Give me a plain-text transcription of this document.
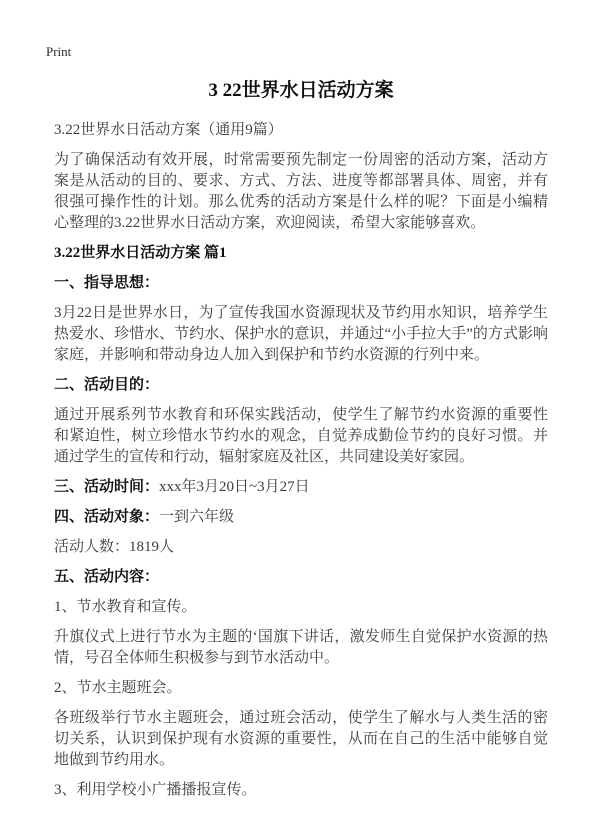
Print
3 22世界水日活动方案

3.22世界水日活动方案（通用9篇）

为了确保活动有效开展，时常需要预先制定一份周密的活动方案，活动方案是从活动的目的、要求、方式、方法、进度等都部署具体、周密，并有很强可操作性的计划。那么优秀的活动方案是什么样的呢？下面是小编精心整理的3.22世界水日活动方案，欢迎阅读，希望大家能够喜欢。

3.22世界水日活动方案 篇1
一、指导思想：

3月22日是世界水日，为了宣传我国水资源现状及节约用水知识，培养学生热爱水、珍惜水、节约水、保护水的意识，并通过“小手拉大手”的方式影响家庭，并影响和带动身边人加入到保护和节约水资源的行列中来。

二、活动目的：

通过开展系列节水教育和环保实践活动，使学生了解节约水资源的重要性和紧迫性，树立珍惜水节约水的观念，自觉养成勤俭节约的良好习惯。并通过学生的宣传和行动，辐射家庭及社区，共同建设美好家园。

三、活动时间：xxx年3月20日~3月27日

四、活动对象：一到六年级

活动人数：1819人

五、活动内容：

1、节水教育和宣传。

升旗仪式上进行节水为主题的‘国旗下讲话，激发师生自觉保护水资源的热情，号召全体师生积极参与到节水活动中。

2、节水主题班会。

各班级举行节水主题班会，通过班会活动，使学生了解水与人类生活的密切关系，认识到保护现有水资源的重要性，从而在自己的生活中能够自觉地做到节约用水。

3、利用学校小广播播报宣传。
